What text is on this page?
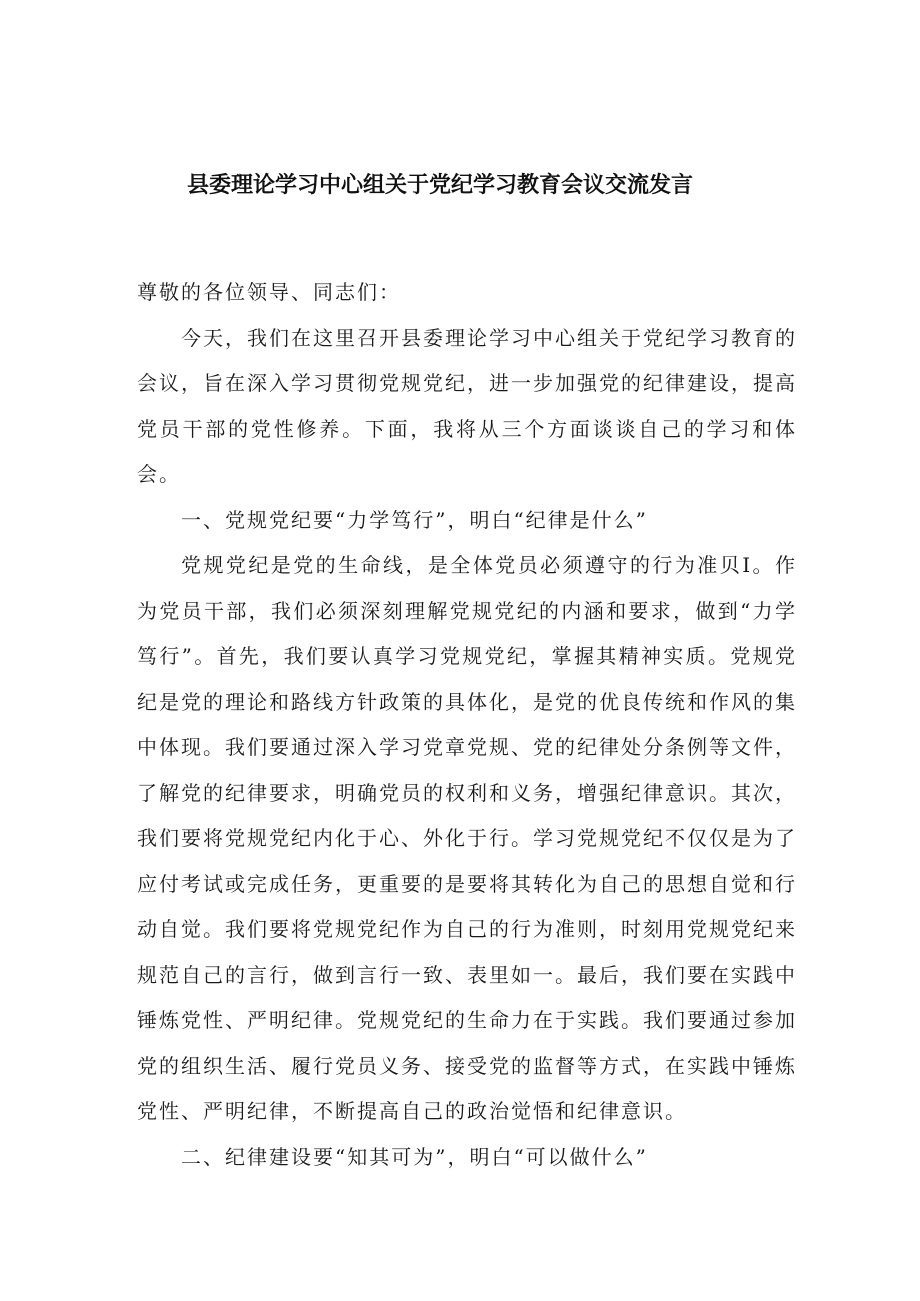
县委理论学习中心组关于党纪学习教育会议交流发言

尊敬的各位领导、同志们：

今天，我们在这里召开县委理论学习中心组关于党纪学习教育的会议，旨在深入学习贯彻党规党纪，进一步加强党的纪律建设，提高党员干部的党性修养。下面，我将从三个方面谈谈自己的学习和体会。

一、党规党纪要“力学笃行”，明白“纪律是什么”

党规党纪是党的生命线，是全体党员必须遵守的行为准贝I。作为党员干部，我们必须深刻理解党规党纪的内涵和要求，做到“力学笃行”。首先，我们要认真学习党规党纪，掌握其精神实质。党规党纪是党的理论和路线方针政策的具体化，是党的优良传统和作风的集中体现。我们要通过深入学习党章党规、党的纪律处分条例等文件，了解党的纪律要求，明确党员的权利和义务，增强纪律意识。其次，我们要将党规党纪内化于心、外化于行。学习党规党纪不仅仅是为了应付考试或完成任务，更重要的是要将其转化为自己的思想自觉和行动自觉。我们要将党规党纪作为自己的行为准则，时刻用党规党纪来规范自己的言行，做到言行一致、表里如一。最后，我们要在实践中锤炼党性、严明纪律。党规党纪的生命力在于实践。我们要通过参加党的组织生活、履行党员义务、接受党的监督等方式，在实践中锤炼党性、严明纪律，不断提高自己的政治觉悟和纪律意识。

二、纪律建设要“知其可为”，明白“可以做什么”
